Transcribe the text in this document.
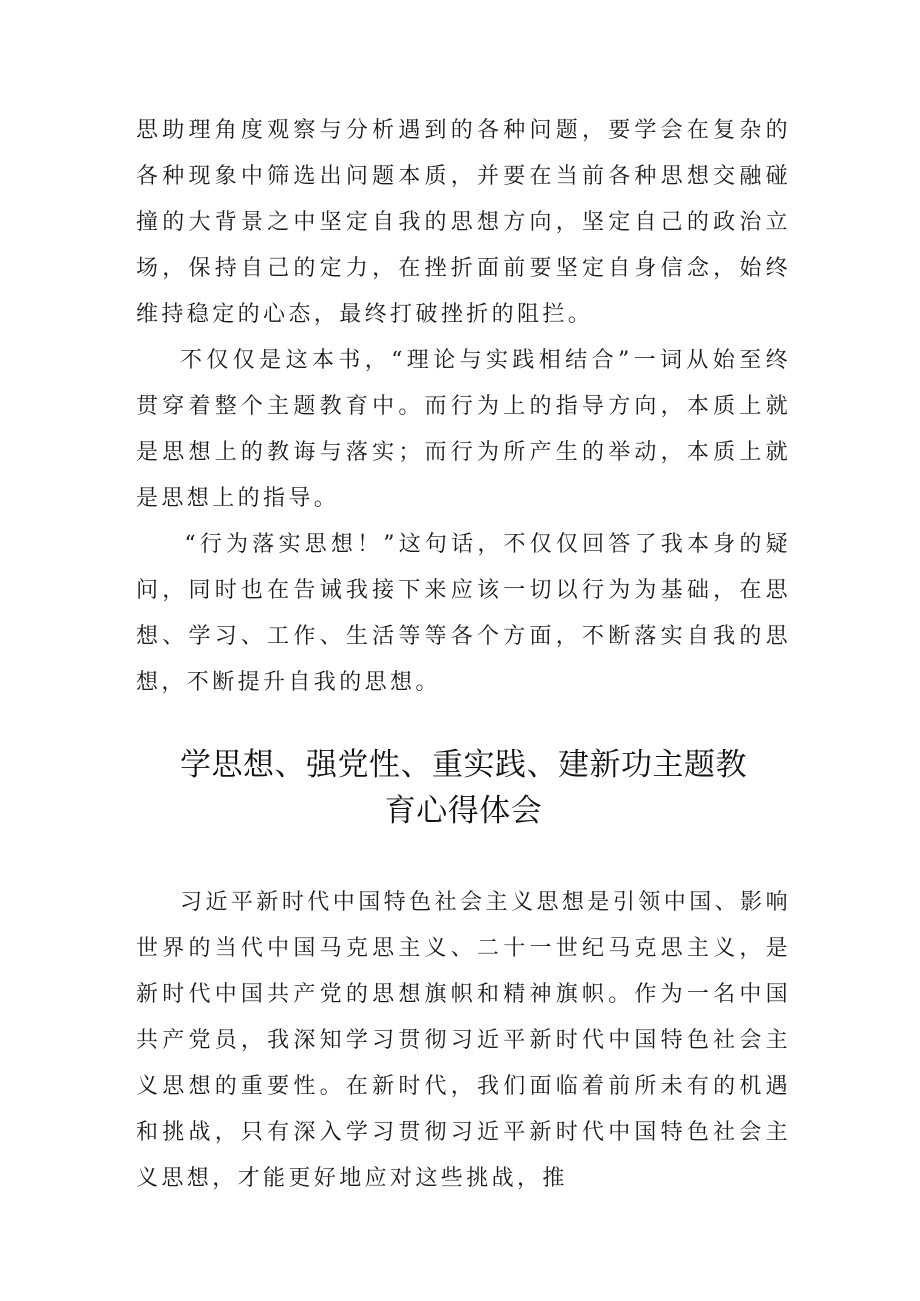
思助理角度观察与分析遇到的各种问题，要学会在复杂的各种现象中筛选出问题本质，并要在当前各种思想交融碰撞的大背景之中坚定自我的思想方向，坚定自己的政治立场，保持自己的定力，在挫折面前要坚定自身信念，始终维持稳定的心态，最终打破挫折的阻拦。

不仅仅是这本书，“理论与实践相结合”一词从始至终贯穿着整个主题教育中。而行为上的指导方向，本质上就是思想上的教诲与落实；而行为所产生的举动，本质上就是思想上的指导。

“行为落实思想！”这句话，不仅仅回答了我本身的疑问，同时也在告诫我接下来应该一切以行为为基础，在思想、学习、工作、生活等等各个方面，不断落实自我的思想，不断提升自我的思想。

学思想、强党性、重实践、建新功主题教
育心得体会

习近平新时代中国特色社会主义思想是引领中国、影响世界的当代中国马克思主义、二十一世纪马克思主义，是新时代中国共产党的思想旗帜和精神旗帜。作为一名中国共产党员，我深知学习贯彻习近平新时代中国特色社会主义思想的重要性。在新时代，我们面临着前所未有的机遇和挑战，只有深入学习贯彻习近平新时代中国特色社会主义思想，才能更好地应对这些挑战，推
